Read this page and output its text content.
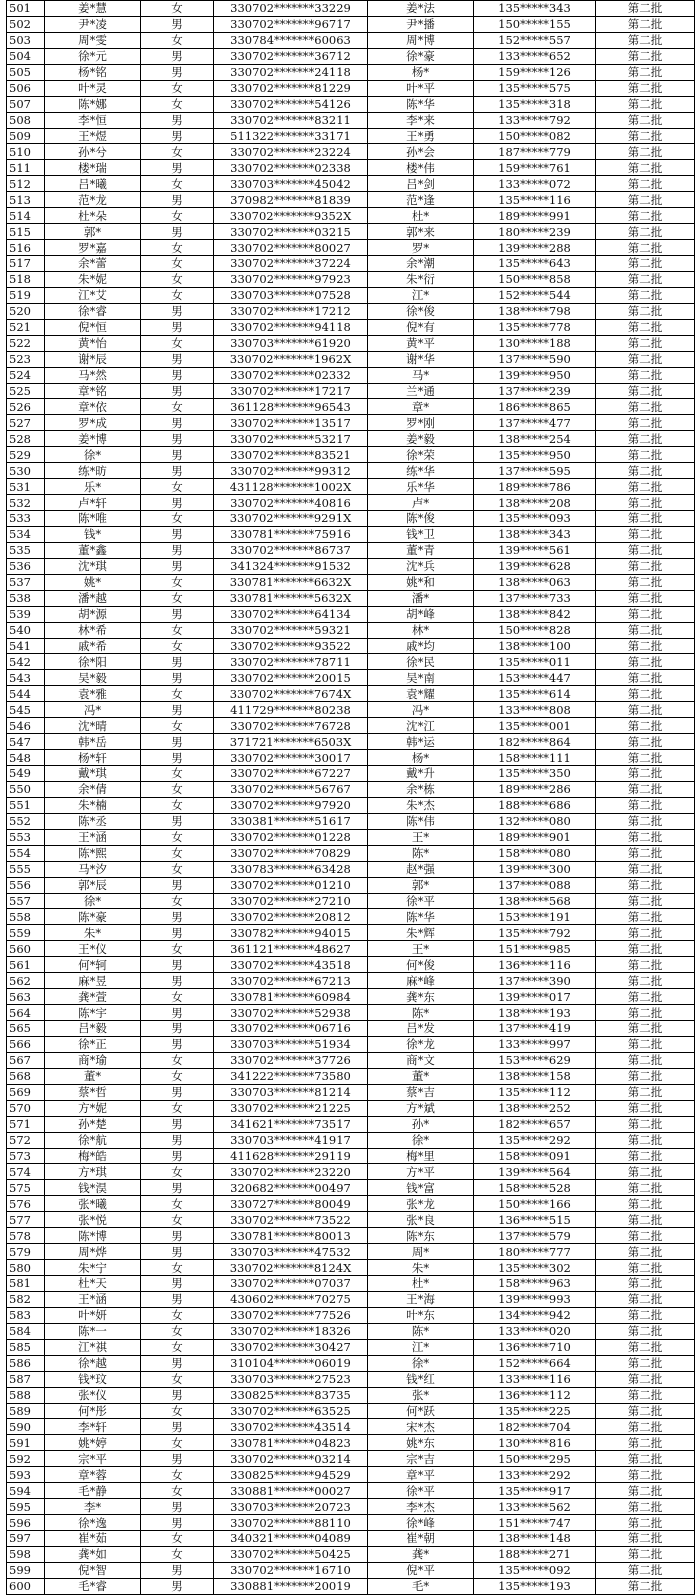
501	姜*慧	女	330702*******33229	姜*法	135*****343	第二批
502	尹*凌	男	330702*******96717	尹*播	150*****155	第二批
503	周*雯	女	330784*******60063	周*博	152*****557	第二批
504	徐*元	男	330702*******36712	徐*豪	133*****652	第二批
505	杨*铭	男	330702*******24118	杨*	159*****126	第二批
506	叶*灵	女	330702*******81229	叶*平	135*****575	第二批
507	陈*娜	女	330702*******54126	陈*华	135*****318	第二批
508	李*恒	男	330702*******83211	李*来	133*****792	第二批
509	王*煜	男	511322*******33171	王*勇	150*****082	第二批
510	孙*兮	女	330702*******23224	孙*会	187*****779	第二批
511	楼*瑞	男	330702*******02338	楼*伟	159*****761	第二批
512	吕*曦	女	330703*******45042	吕*剑	133*****072	第二批
513	范*龙	男	370982*******81839	范*逢	135*****116	第二批
514	杜*朵	女	330702*******9352X	杜*	189*****991	第二批
515	郭*	男	330702*******03215	郭*来	180*****239	第二批
516	罗*嘉	女	330702*******80027	罗*	139*****288	第二批
517	余*蕾	女	330702*******37224	余*潮	135*****643	第二批
518	朱*妮	女	330702*******97923	朱*衍	150*****858	第二批
519	江*艾	女	330703*******07528	江*	152*****544	第二批
520	徐*睿	男	330702*******17212	徐*俊	138*****798	第二批
521	倪*恒	男	330702*******94118	倪*有	135*****778	第二批
522	黄*怡	女	330703*******61920	黄*平	130*****188	第二批
523	谢*辰	男	330702*******1962X	谢*华	137*****590	第二批
524	马*然	男	330702*******02332	马*	139*****950	第二批
525	章*铭	男	330702*******17217	兰*通	137*****239	第二批
526	章*依	女	361128*******96543	章*	186*****865	第二批
527	罗*成	男	330702*******13517	罗*刚	137*****477	第二批
528	姜*博	男	330702*******53217	姜*毅	138*****254	第二批
529	徐*	男	330702*******83521	徐*荣	135*****950	第二批
530	练*昉	男	330702*******99312	练*华	137*****595	第二批
531	乐*	女	431128*******1002X	乐*华	189*****786	第二批
532	卢*轩	男	330702*******40816	卢*	138*****208	第二批
533	陈*唯	女	330702*******9291X	陈*俊	135*****093	第二批
534	钱*	男	330781*******75916	钱*卫	138*****343	第二批
535	董*鑫	男	330702*******86737	董*青	139*****561	第二批
536	沈*琪	男	341324*******91532	沈*兵	139*****628	第二批
537	姚*	女	330781*******6632X	姚*和	138*****063	第二批
538	潘*越	女	330781*******5632X	潘*	137*****733	第二批
539	胡*源	男	330702*******64134	胡*峰	138*****842	第二批
540	林*希	女	330702*******59321	林*	150*****828	第二批
541	戚*希	女	330702*******93522	戚*均	138*****100	第二批
542	徐*阳	男	330702*******78711	徐*民	135*****011	第二批
543	吴*毅	男	330702*******20015	吴*南	153*****447	第二批
544	袁*雅	女	330702*******7674X	袁*耀	135*****614	第二批
545	冯*	男	411729*******80238	冯*	133*****808	第二批
546	沈*晴	女	330702*******76728	沈*江	135*****001	第二批
547	韩*岳	男	371721*******6503X	韩*运	182*****864	第二批
548	杨*轩	男	330702*******30017	杨*	158*****111	第二批
549	戴*琪	女	330702*******67227	戴*升	135*****350	第二批
550	余*倩	女	330702*******56767	余*栋	189*****286	第二批
551	朱*楠	女	330702*******97920	朱*杰	188*****686	第二批
552	陈*丞	男	330381*******51617	陈*伟	132*****080	第二批
553	王*涵	女	330702*******01228	王*	189*****901	第二批
554	陈*熙	女	330702*******70829	陈*	158*****080	第二批
555	马*汐	女	330783*******63428	赵*强	139*****300	第二批
556	郭*辰	男	330702*******01210	郭*	137*****088	第二批
557	徐*	女	330702*******27210	徐*平	138*****568	第二批
558	陈*豪	男	330702*******20812	陈*华	153*****191	第二批
559	朱*	男	330782*******94015	朱*辉	135*****792	第二批
560	王*仪	女	361121*******48627	王*	151*****985	第二批
561	何*轲	男	330702*******43518	何*俊	136*****116	第二批
562	麻*昱	男	330702*******67213	麻*峰	137*****390	第二批
563	龚*萱	女	330781*******60984	龚*东	139*****017	第二批
564	陈*宇	男	330702*******52938	陈*	138*****193	第二批
565	吕*毅	男	330702*******06716	吕*发	137*****419	第二批
566	徐*正	男	330703*******51934	徐*龙	133*****997	第二批
567	商*瑜	女	330702*******37726	商*文	153*****629	第二批
568	董*	女	341222*******73580	董*	138*****158	第二批
569	蔡*哲	男	330703*******81214	蔡*吉	135*****112	第二批
570	方*妮	女	330702*******21225	方*斌	138*****252	第二批
571	孙*楚	男	341621*******73517	孙*	182*****657	第二批
572	徐*航	男	330703*******41917	徐*	135*****292	第二批
573	梅*皓	男	411628*******29119	梅*里	158*****091	第二批
574	方*琪	女	330702*******23220	方*平	139*****564	第二批
575	钱*淏	男	320682*******00497	钱*富	158*****528	第二批
576	张*曦	女	330727*******80049	张*龙	150*****166	第二批
577	张*悦	女	330702*******73522	张*良	136*****515	第二批
578	陈*博	男	330781*******80013	陈*东	137*****579	第二批
579	周*烨	男	330703*******47532	周*	180*****777	第二批
580	朱*宁	女	330702*******8124X	朱*	135*****302	第二批
581	杜*天	男	330702*******07037	杜*	158*****963	第二批
582	王*涵	男	430602*******70275	王*海	139*****993	第二批
583	叶*妍	女	330702*******77526	叶*东	134*****942	第二批
584	陈*一	女	330702*******18326	陈*	133*****020	第二批
585	江*祺	女	330702*******30427	江*	136*****710	第二批
586	徐*越	男	310104*******06019	徐*	152*****664	第二批
587	钱*玟	女	330703*******27523	钱*红	133*****116	第二批
588	张*仪	男	330825*******83735	张*	136*****112	第二批
589	何*彤	女	330702*******63525	何*跃	135*****225	第二批
590	李*轩	男	330702*******43514	宋*杰	182*****704	第二批
591	姚*婷	女	330781*******04823	姚*东	130*****816	第二批
592	宗*平	男	330702*******03214	宗*吉	150*****295	第二批
593	章*蓉	女	330825*******94529	章*平	133*****292	第二批
594	毛*静	女	330881*******00027	徐*平	135*****917	第二批
595	李*	男	330703*******20723	李*杰	133*****562	第二批
596	徐*逸	男	330702*******88110	徐*峰	151*****747	第二批
597	崔*茹	女	340321*******04089	崔*朝	138*****148	第二批
598	龚*如	女	330702*******50425	龚*	188*****271	第二批
599	倪*智	男	330702*******16710	倪*平	135*****092	第二批
600	毛*睿	男	330881*******20019	毛*	135*****193	第二批
